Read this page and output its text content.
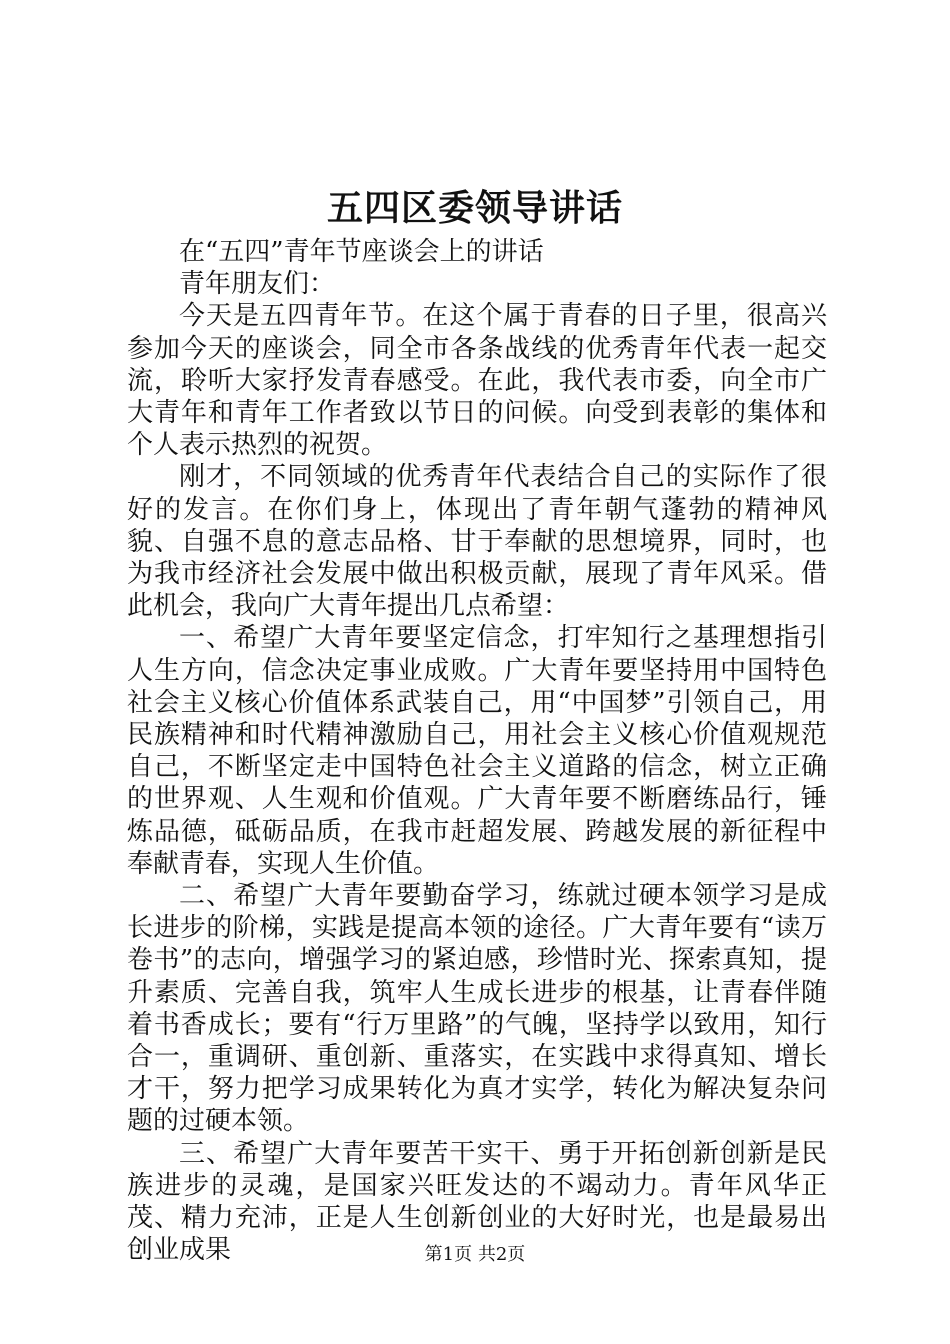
五四区委领导讲话

在“五四”青年节座谈会上的讲话

青年朋友们：

今天是五四青年节。在这个属于青春的日子里，很高兴参加今天的座谈会，同全市各条战线的优秀青年代表一起交流，聆听大家抒发青春感受。在此，我代表市委，向全市广大青年和青年工作者致以节日的问候。向受到表彰的集体和个人表示热烈的祝贺。

刚才，不同领域的优秀青年代表结合自己的实际作了很好的发言。在你们身上，体现出了青年朝气蓬勃的精神风貌、自强不息的意志品格、甘于奉献的思想境界，同时，也为我市经济社会发展中做出积极贡献，展现了青年风采。借此机会，我向广大青年提出几点希望：

一、希望广大青年要坚定信念，打牢知行之基理想指引人生方向，信念决定事业成败。广大青年要坚持用中国特色社会主义核心价值体系武装自己，用“中国梦”引领自己，用民族精神和时代精神激励自己，用社会主义核心价值观规范自己，不断坚定走中国特色社会主义道路的信念，树立正确的世界观、人生观和价值观。广大青年要不断磨练品行，锤炼品德，砥砺品质，在我市赶超发展、跨越发展的新征程中奉献青春，实现人生价值。

二、希望广大青年要勤奋学习，练就过硬本领学习是成长进步的阶梯，实践是提高本领的途径。广大青年要有“读万卷书”的志向，增强学习的紧迫感，珍惜时光、探索真知，提升素质、完善自我，筑牢人生成长进步的根基，让青春伴随着书香成长；要有“行万里路”的气魄，坚持学以致用，知行合一，重调研、重创新、重落实，在实践中求得真知、增长才干，努力把学习成果转化为真才实学，转化为解决复杂问题的过硬本领。

三、希望广大青年要苦干实干、勇于开拓创新创新是民族进步的灵魂，是国家兴旺发达的不竭动力。青年风华正茂、精力充沛，正是人生创新创业的大好时光，也是最易出创业成果	第1页 共2页
